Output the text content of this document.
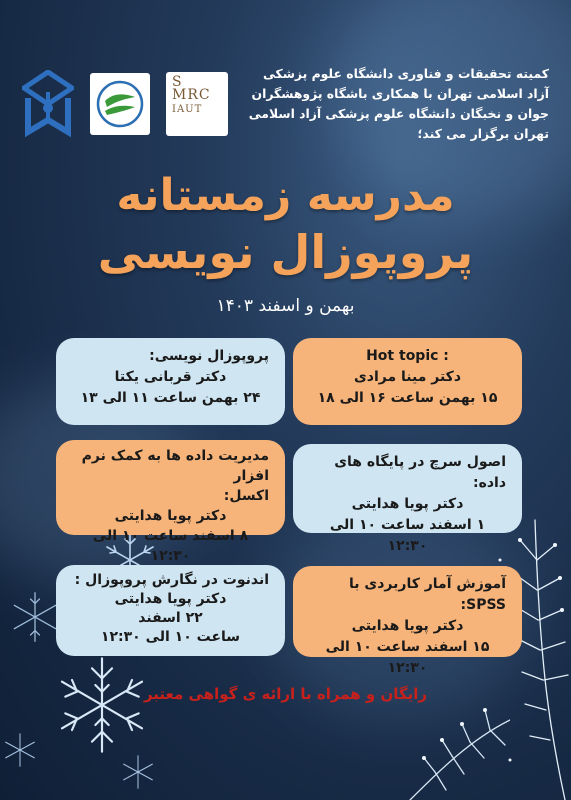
S
MRC
IAUT
کمیته تحقیقات و فناوری دانشگاه علوم پزشکی
آزاد اسلامی تهران با همکاری باشگاه پژوهشگران
جوان و نخبگان دانشگاه علوم پزشکی آزاد اسلامی
تهران برگزار می کند؛
مدرسه زمستانه
پروپوزال نویسی
بهمن و اسفند ۱۴۰۳
پروپوزال نویسی:
دکتر قربانی یکتا
۲۴ بهمن ساعت ۱۱ الی ۱۳
Hot topic :
دکتر مینا مرادی
۱۵ بهمن ساعت ۱۶ الی ۱۸
مدیریت داده ها به کمک نرم افزار
اکسل:
دکتر پویا هدایتی
۸ اسفند ساعت ۱۰ الی ۱۲:۳۰
اصول سرچ در پایگاه های داده:
دکتر پویا هدایتی
۱ اسفند ساعت ۱۰ الی ۱۲:۳۰
اندنوت در نگارش پروپوزال :
دکتر پویا هدایتی
۲۲ اسفند
ساعت ۱۰ الی ۱۲:۳۰
آموزش آمار کاربردی با SPSS:
دکتر پویا هدایتی
۱۵ اسفند ساعت ۱۰ الی ۱۲:۳۰
رایگان و همراه با ارائه ی گواهی معتبر
